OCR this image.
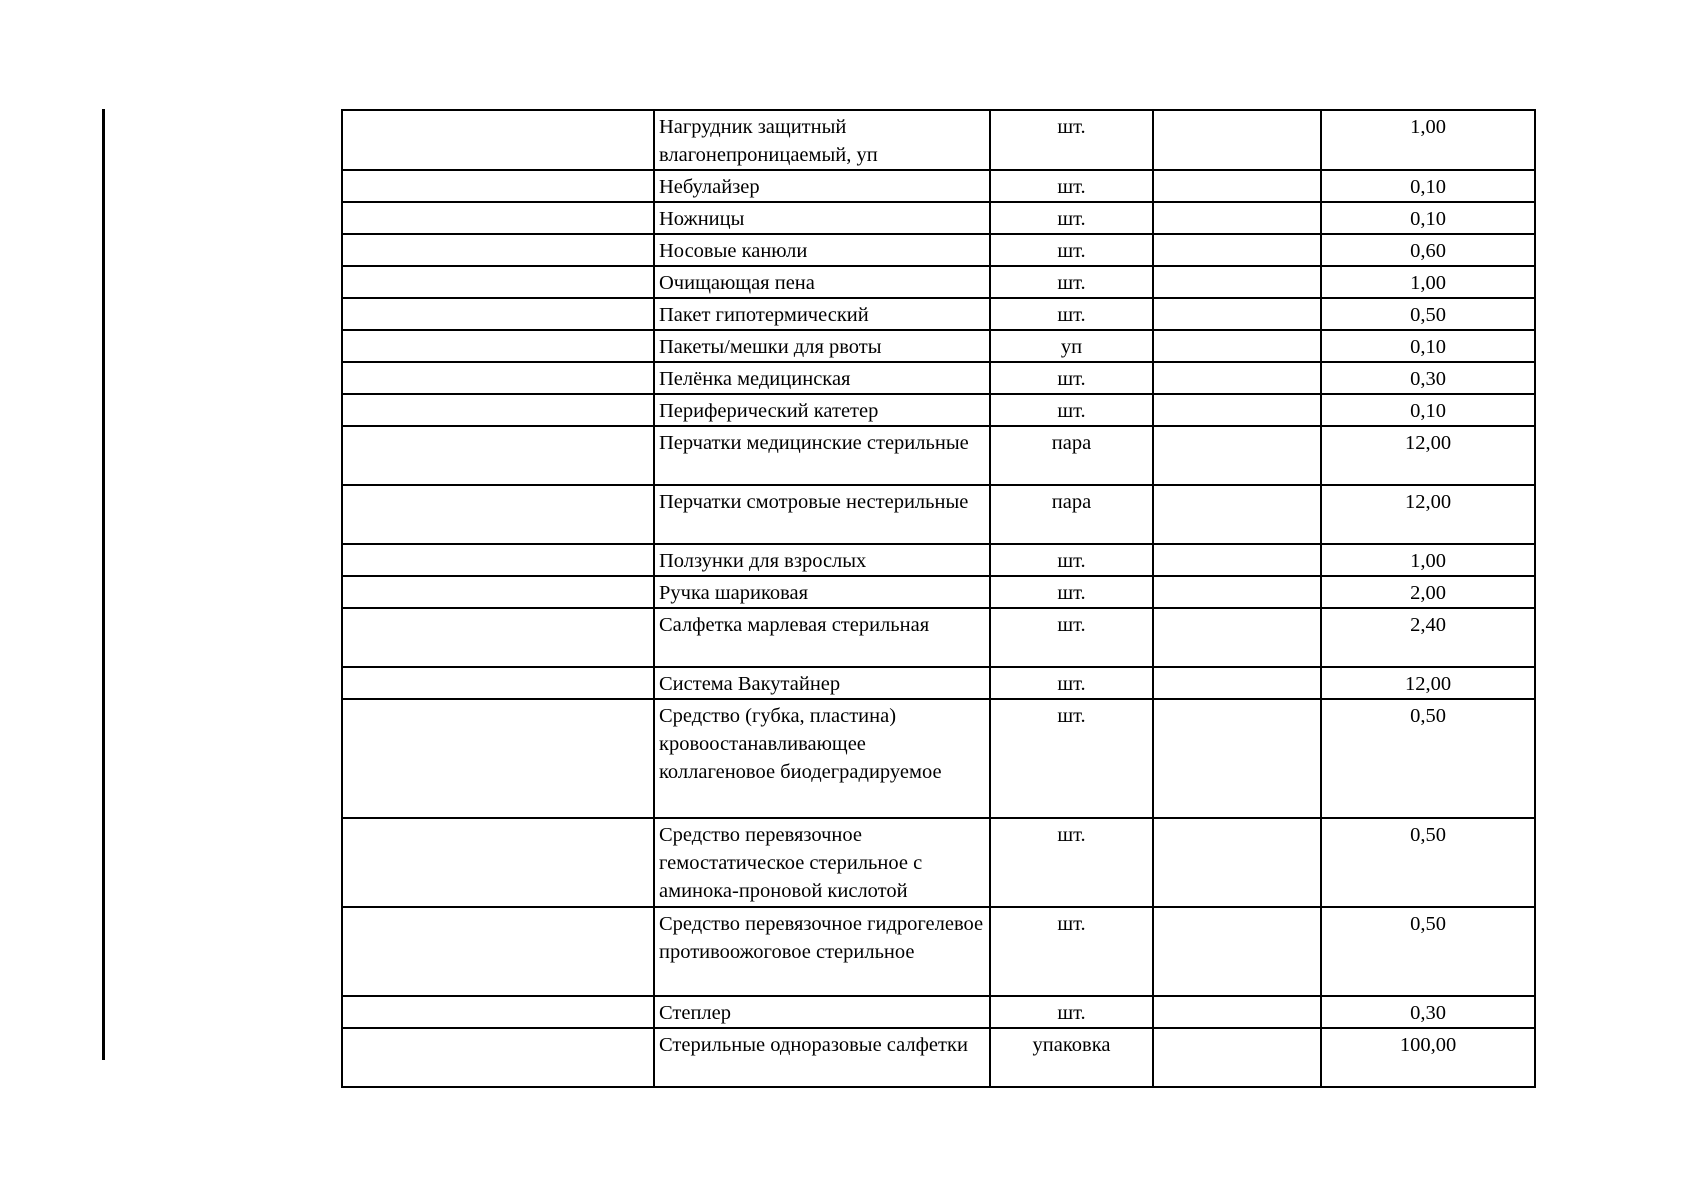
	Нагрудник защитный влагонепроницаемый, уп	шт.		1,00
	Небулайзер	шт.		0,10
	Ножницы	шт.		0,10
	Носовые канюли	шт.		0,60
	Очищающая пена	шт.		1,00
	Пакет гипотермический	шт.		0,50
	Пакеты/мешки для рвоты	уп		0,10
	Пелёнка медицинская	шт.		0,30
	Периферический катетер	шт.		0,10
	Перчатки медицинские стерильные	пара		12,00
	Перчатки смотровые нестерильные	пара		12,00
	Ползунки для взрослых	шт.		1,00
	Ручка шариковая	шт.		2,00
	Салфетка марлевая стерильная	шт.		2,40
	Система Вакутайнер	шт.		12,00
	Средство (губка, пластина) кровоостанавливающее коллагеновое биодеградируемое	шт.		0,50
	Средство перевязочное гемостатическое стерильное с аминока-проновой кислотой	шт.		0,50
	Средство перевязочное гидрогелевое противоожоговое стерильное	шт.		0,50
	Степлер	шт.		0,30
	Стерильные одноразовые салфетки	упаковка		100,00
